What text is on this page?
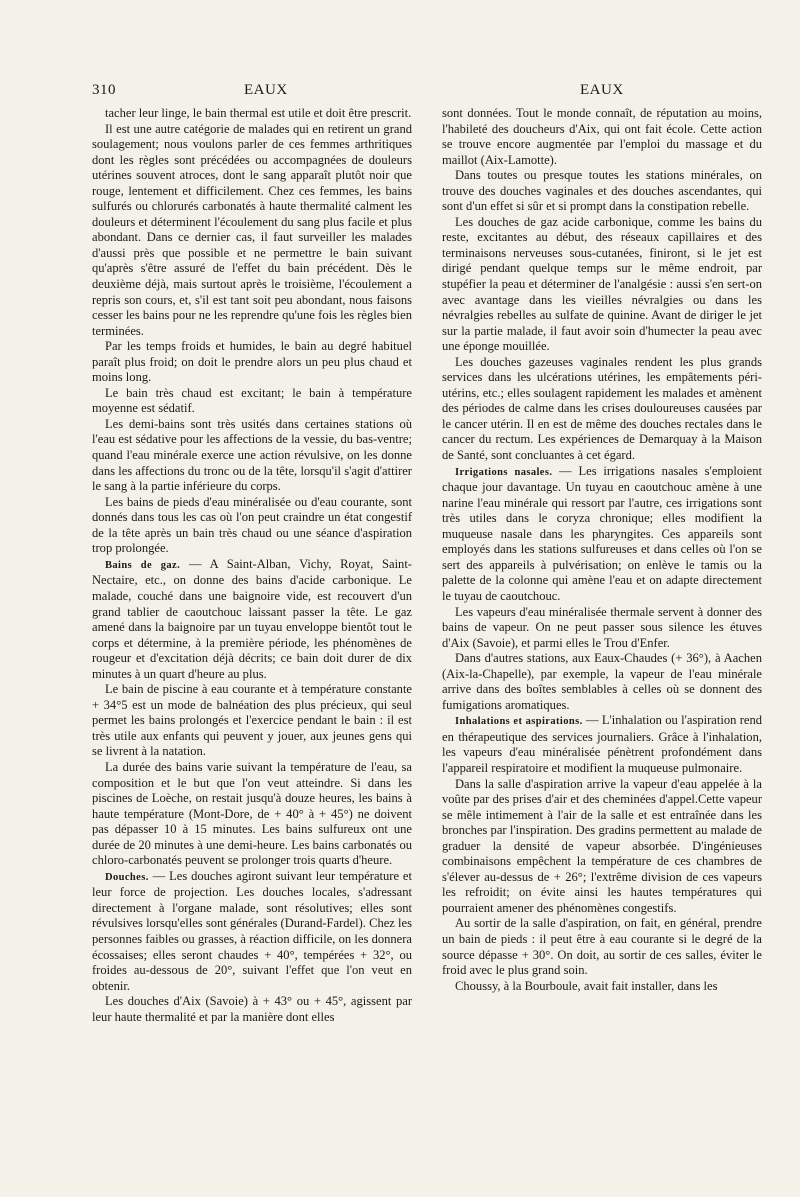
310	EAUX	EAUX

tacher leur linge, le bain thermal est utile et doit être prescrit.

Il est une autre catégorie de malades qui en retirent un grand soulagement; nous voulons parler de ces femmes arthritiques dont les règles sont précédées ou accompagnées de douleurs utérines souvent atroces, dont le sang apparaît plutôt noir que rouge, lentement et difficilement. Chez ces femmes, les bains sulfurés ou chlorurés carbonatés à haute thermalité calment les douleurs et déterminent l'écoulement du sang plus facile et plus abondant. Dans ce dernier cas, il faut surveiller les malades d'aussi près que possible et ne permettre le bain suivant qu'après s'être assuré de l'effet du bain précédent. Dès le deuxième déjà, mais surtout après le troisième, l'écoulement a repris son cours, et, s'il est tant soit peu abondant, nous faisons cesser les bains pour ne les reprendre qu'une fois les règles bien terminées.

Par les temps froids et humides, le bain au degré habituel paraît plus froid; on doit le prendre alors un peu plus chaud et moins long.

Le bain très chaud est excitant; le bain à température moyenne est sédatif.

Les demi-bains sont très usités dans certaines stations où l'eau est sédative pour les affections de la vessie, du bas-ventre; quand l'eau minérale exerce une action révulsive, on les donne dans les affections du tronc ou de la tête, lorsqu'il s'agit d'attirer le sang à la partie inférieure du corps.

Les bains de pieds d'eau minéralisée ou d'eau courante, sont donnés dans tous les cas où l'on peut craindre un état congestif de la tête après un bain très chaud ou une séance d'aspiration trop prolongée.

Bains de gaz. — A Saint-Alban, Vichy, Royat, Saint-Nectaire, etc., on donne des bains d'acide carbonique. Le malade, couché dans une baignoire vide, est recouvert d'un grand tablier de caoutchouc laissant passer la tête. Le gaz amené dans la baignoire par un tuyau enveloppe bientôt tout le corps et détermine, à la première période, les phénomènes de rougeur et d'excitation déjà décrits; ce bain doit durer de dix minutes à un quart d'heure au plus.

Le bain de piscine à eau courante et à température constante + 34°5 est un mode de balnéation des plus précieux, qui seul permet les bains prolongés et l'exercice pendant le bain : il est très utile aux enfants qui peuvent y jouer, aux jeunes gens qui se livrent à la natation.

La durée des bains varie suivant la température de l'eau, sa composition et le but que l'on veut atteindre. Si dans les piscines de Loèche, on restait jusqu'à douze heures, les bains à haute température (Mont-Dore, de + 40° à + 45°) ne doivent pas dépasser 10 à 15 minutes. Les bains sulfureux ont une durée de 20 minutes à une demi-heure. Les bains carbonatés ou chloro-carbonatés peuvent se prolonger trois quarts d'heure.

Douches. — Les douches agiront suivant leur température et leur force de projection. Les douches locales, s'adressant directement à l'organe malade, sont résolutives; elles sont révulsives lorsqu'elles sont générales (Durand-Fardel). Chez les personnes faibles ou grasses, à réaction difficile, on les donnera écossaises; elles seront chaudes + 40°, tempérées + 32°, ou froides au-dessous de 20°, suivant l'effet que l'on veut en obtenir.

Les douches d'Aix (Savoie) à + 43° ou + 45°, agissent par leur haute thermalité et par la manière dont elles

sont données. Tout le monde connaît, de réputation au moins, l'habileté des doucheurs d'Aix, qui ont fait école. Cette action se trouve encore augmentée par l'emploi du massage et du maillot (Aix-Lamotte).

Dans toutes ou presque toutes les stations minérales, on trouve des douches vaginales et des douches ascendantes, qui sont d'un effet si sûr et si prompt dans la constipation rebelle.

Les douches de gaz acide carbonique, comme les bains du reste, excitantes au début, des réseaux capillaires et des terminaisons nerveuses sous-cutanées, finiront, si le jet est dirigé pendant quelque temps sur le même endroit, par stupéfier la peau et déterminer de l'analgésie : aussi s'en sert-on avec avantage dans les vieilles névralgies ou dans les névralgies rebelles au sulfate de quinine. Avant de diriger le jet sur la partie malade, il faut avoir soin d'humecter la peau avec une éponge mouillée.

Les douches gazeuses vaginales rendent les plus grands services dans les ulcérations utérines, les empâtements péri-utérins, etc.; elles soulagent rapidement les malades et amènent des périodes de calme dans les crises douloureuses causées par le cancer utérin. Il en est de même des douches rectales dans le cancer du rectum. Les expériences de Demarquay à la Maison de Santé, sont concluantes à cet égard.

Irrigations nasales. — Les irrigations nasales s'emploient chaque jour davantage. Un tuyau en caoutchouc amène à une narine l'eau minérale qui ressort par l'autre, ces irrigations sont très utiles dans le coryza chronique; elles modifient la muqueuse nasale dans les pharyngites. Ces appareils sont employés dans les stations sulfureuses et dans celles où l'on se sert des appareils à pulvérisation; on enlève le tamis ou la palette de la colonne qui amène l'eau et on adapte directement le tuyau de caoutchouc.

Les vapeurs d'eau minéralisée thermale servent à donner des bains de vapeur. On ne peut passer sous silence les étuves d'Aix (Savoie), et parmi elles le Trou d'Enfer.

Dans d'autres stations, aux Eaux-Chaudes (+ 36°), à Aachen (Aix-la-Chapelle), par exemple, la vapeur de l'eau minérale arrive dans des boîtes semblables à celles où se donnent des fumigations aromatiques.

Inhalations et aspirations. — L'inhalation ou l'aspiration rend en thérapeutique des services journaliers. Grâce à l'inhalation, les vapeurs d'eau minéralisée pénètrent profondément dans l'appareil respiratoire et modifient la muqueuse pulmonaire.

Dans la salle d'aspiration arrive la vapeur d'eau appelée à la voûte par des prises d'air et des cheminées d'appel.Cette vapeur se mêle intimement à l'air de la salle et est entraînée dans les bronches par l'inspiration. Des gradins permettent au malade de graduer la densité de vapeur absorbée. D'ingénieuses combinaisons empêchent la température de ces chambres de s'élever au-dessus de + 26°; l'extrême division de ces vapeurs les refroidit; on évite ainsi les hautes températures qui pourraient amener des phénomènes congestifs.

Au sortir de la salle d'aspiration, on fait, en général, prendre un bain de pieds : il peut être à eau courante si le degré de la source dépasse + 30°. On doit, au sortir de ces salles, éviter le froid avec le plus grand soin.

Choussy, à la Bourboule, avait fait installer, dans les
